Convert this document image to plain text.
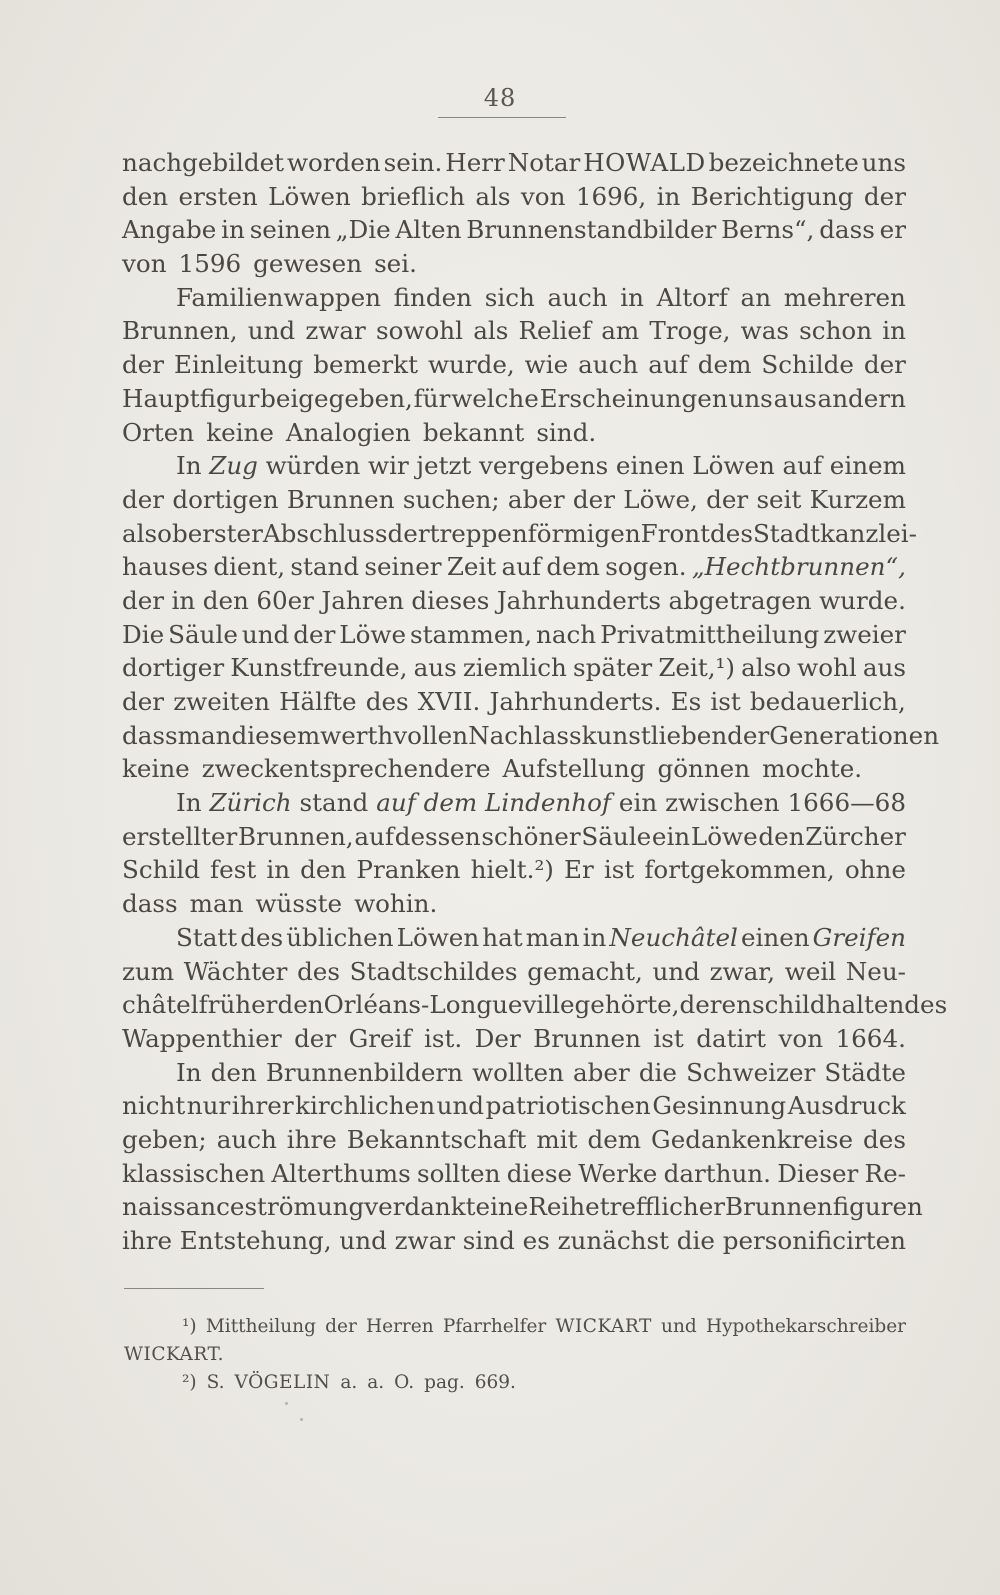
48
nachgebildet worden sein. Herr Notar HOWALD bezeichnete uns
den ersten Löwen brieflich als von 1696, in Berichtigung der
Angabe in seinen „Die Alten Brunnenstandbilder Berns“, dass er
von 1596 gewesen sei.
Familienwappen finden sich auch in Altorf an mehreren
Brunnen, und zwar sowohl als Relief am Troge, was schon in
der Einleitung bemerkt wurde, wie auch auf dem Schilde der
Hauptfigur beigegeben, für welche Erscheinungen uns aus andern
Orten keine Analogien bekannt sind.
In Zug würden wir jetzt vergebens einen Löwen auf einem
der dortigen Brunnen suchen; aber der Löwe, der seit Kurzem
als oberster Abschluss der treppenförmigen Front des Stadtkanzlei-
hauses dient, stand seiner Zeit auf dem sogen. „Hechtbrunnen“,
der in den 60er Jahren dieses Jahrhunderts abgetragen wurde.
Die Säule und der Löwe stammen, nach Privatmittheilung zweier
dortiger Kunstfreunde, aus ziemlich später Zeit,¹) also wohl aus
der zweiten Hälfte des XVII. Jahrhunderts. Es ist bedauerlich,
dass man diesem werthvollen Nachlass kunstliebender Generationen
keine zweckentsprechendere Aufstellung gönnen mochte.
In Zürich stand auf dem Lindenhof ein zwischen 1666—68
erstellter Brunnen, auf dessen schöner Säule ein Löwe den Zürcher
Schild fest in den Pranken hielt.²) Er ist fortgekommen, ohne
dass man wüsste wohin.
Statt des üblichen Löwen hat man in Neuchâtel einen Greifen
zum Wächter des Stadtschildes gemacht, und zwar, weil Neu-
châtel früher den Orléans-Longueville gehörte, deren schildhaltendes
Wappenthier der Greif ist. Der Brunnen ist datirt von 1664.
In den Brunnenbildern wollten aber die Schweizer Städte
nicht nur ihrer kirchlichen und patriotischen Gesinnung Ausdruck
geben; auch ihre Bekanntschaft mit dem Gedankenkreise des
klassischen Alterthums sollten diese Werke darthun. Dieser Re-
naissanceströmung verdankt eine Reihe trefflicher Brunnenfiguren
ihre Entstehung, und zwar sind es zunächst die personificirten
¹) Mittheilung der Herren Pfarrhelfer WICKART und Hypothekarschreiber
WICKART.
²) S. VÖGELIN a. a. O. pag. 669.
